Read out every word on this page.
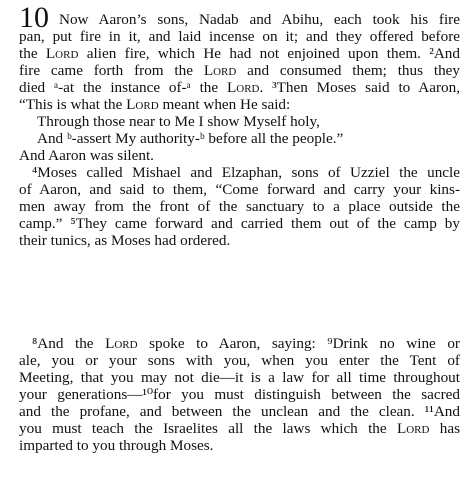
10 Now Aaron’s sons, Nadab and Abihu, each took his fire
pan, put fire in it, and laid incense on it; and they offered before
the Lord alien fire, which He had not enjoined upon them. ²And
fire came forth from the Lord and consumed them; thus they
died ᵃ-at the instance of-ᵃ the Lord. ³Then Moses said to Aaron,
“This is what the Lord meant when He said:
Through those near to Me I show Myself holy,
And ᵇ-assert My authority-ᵇ before all the people.”
And Aaron was silent.
⁴Moses called Mishael and Elzaphan, sons of Uzziel the uncle
of Aaron, and said to them, “Come forward and carry your kins-
men away from the front of the sanctuary to a place outside the
camp.” ⁵They came forward and carried them out of the camp by
their tunics, as Moses had ordered.
⁸And the Lord spoke to Aaron, saying: ⁹Drink no wine or
ale, you or your sons with you, when you enter the Tent of
Meeting, that you may not die—it is a law for all time throughout
your generations—¹⁰for you must distinguish between the sacred
and the profane, and between the unclean and the clean. ¹¹And
you must teach the Israelites all the laws which the Lord has
imparted to you through Moses.
